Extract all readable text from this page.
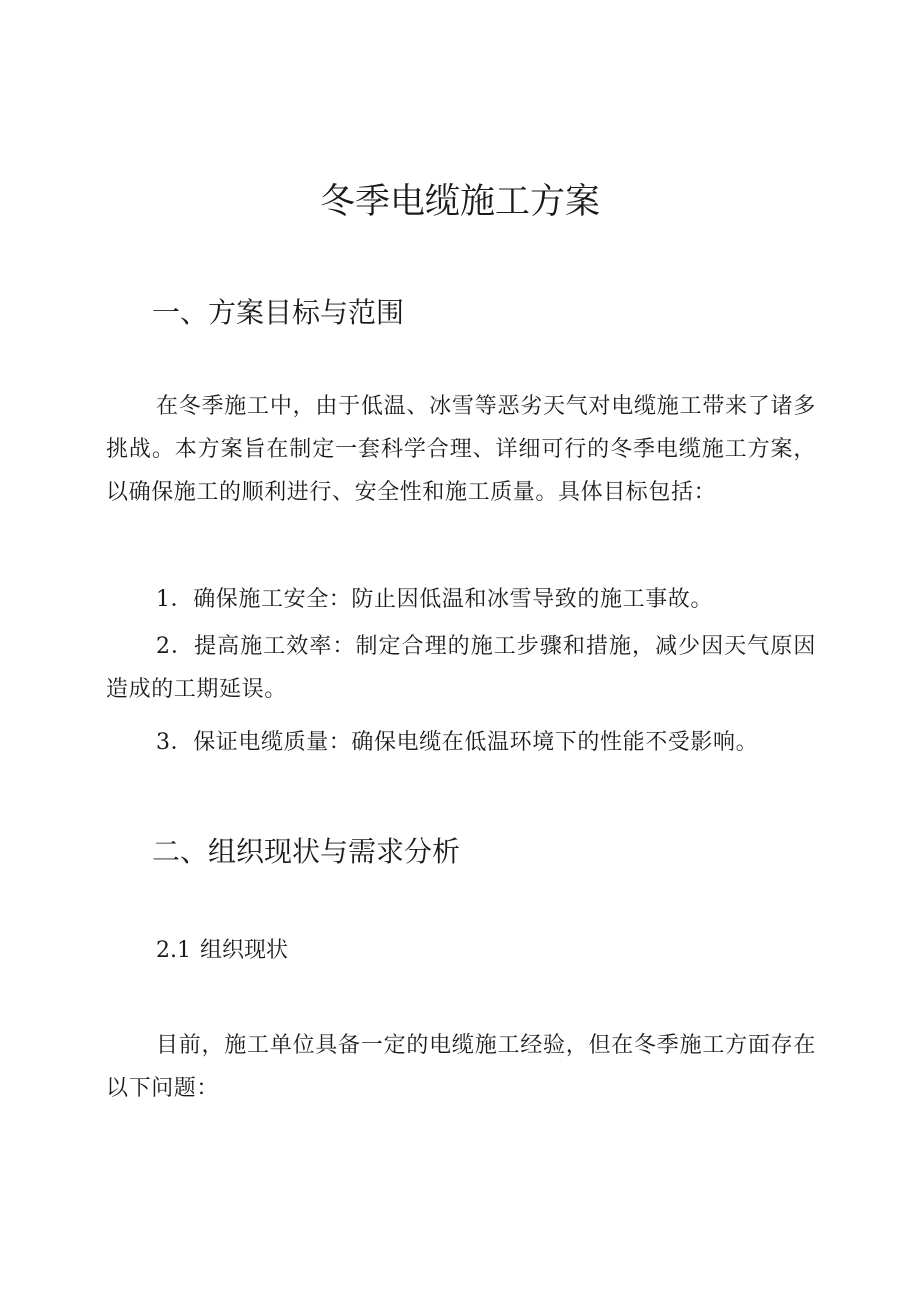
冬季电缆施工方案
一、方案目标与范围

在冬季施工中，由于低温、冰雪等恶劣天气对电缆施工带来了诸多挑战。本方案旨在制定一套科学合理、详细可行的冬季电缆施工方案，以确保施工的顺利进行、安全性和施工质量。具体目标包括：

1．确保施工安全：防止因低温和冰雪导致的施工事故。

2．提高施工效率：制定合理的施工步骤和措施，减少因天气原因造成的工期延误。

3．保证电缆质量：确保电缆在低温环境下的性能不受影响。

二、组织现状与需求分析
2.1 组织现状

目前，施工单位具备一定的电缆施工经验，但在冬季施工方面存在以下问题：
